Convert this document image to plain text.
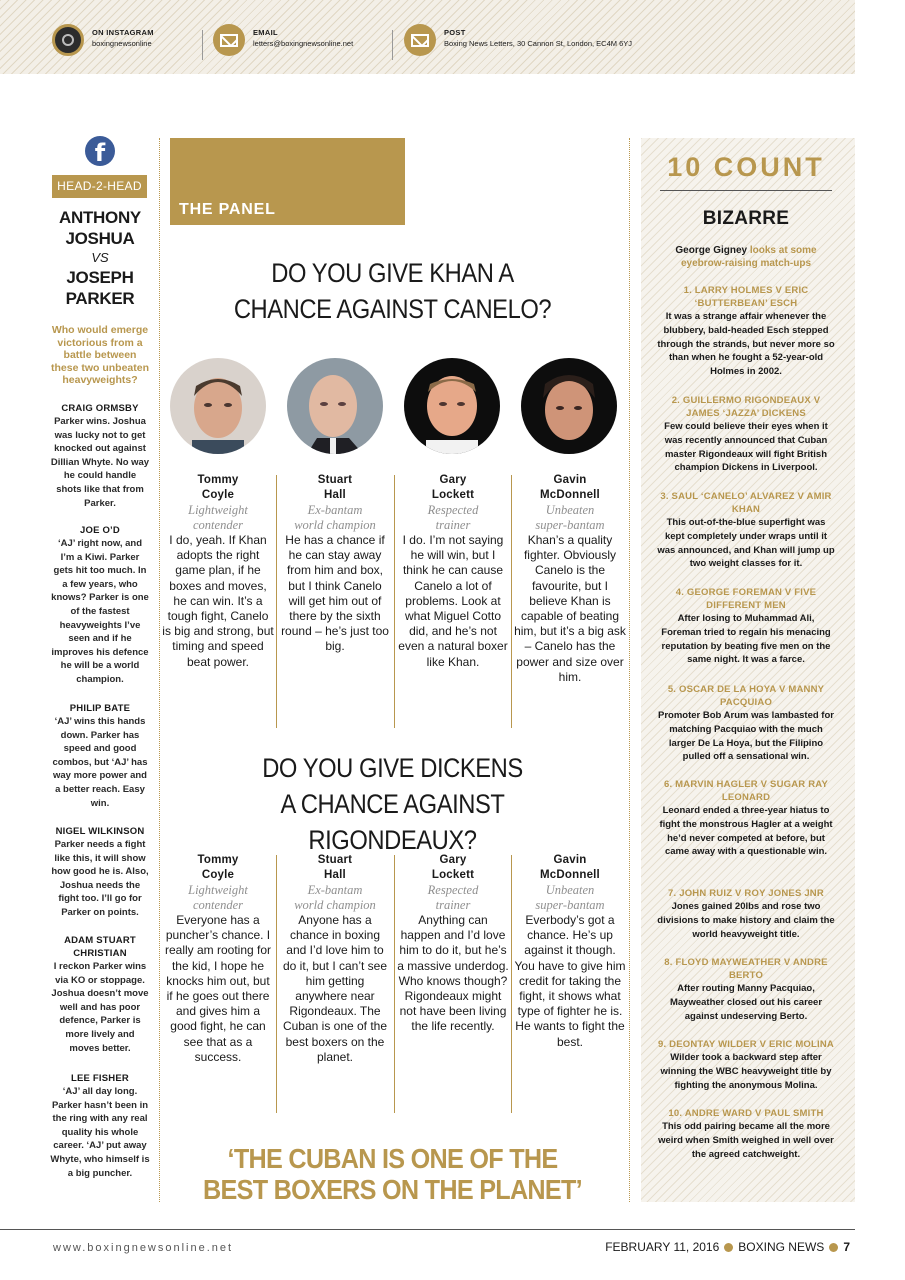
ON INSTAGRAM
boxingnewsonline
EMAIL
letters@boxingnewsonline.net
POST
Boxing News Letters, 30 Cannon St, London, EC4M 6YJ
f
HEAD-2-HEAD
ANTHONY
JOSHUA
VS
JOSEPH
PARKER
Who would emerge victorious from a battle between these two unbeaten heavyweights?
CRAIG ORMSBY
Parker wins. Joshua was lucky not to get knocked out against Dillian Whyte. No way he could handle shots like that from Parker.
JOE O’D
‘AJ’ right now, and I’m a Kiwi. Parker gets hit too much. In a few years, who knows? Parker is one of the fastest heavyweights I’ve seen and if he improves his defence he will be a world champion.
PHILIP BATE
‘AJ’ wins this hands down. Parker has speed and good combos, but ‘AJ’ has way more power and a better reach. Easy win.
NIGEL WILKINSON
Parker needs a fight like this, it will show how good he is. Also, Joshua needs the fight too. I’ll go for Parker on points.
ADAM STUART CHRISTIAN
I reckon Parker wins via KO or stoppage. Joshua doesn’t move well and has poor defence, Parker is more lively and moves better.
LEE FISHER
‘AJ’ all day long. Parker hasn’t been in the ring with any real quality his whole career. ‘AJ’ put away Whyte, who himself is a big puncher.
THE PANEL
DO YOU GIVE KHAN A
CHANCE AGAINST CANELO?
Tommy
Coyle
Lightweight
contender
I do, yeah. If Khan adopts the right game plan, if he boxes and moves, he can win. It’s a tough fight, Canelo is big and strong, but timing and speed beat power.
Stuart
Hall
Ex-bantam
world champion
He has a chance if he can stay away from him and box, but I think Canelo will get him out of there by the sixth round – he’s just too big.
Gary
Lockett
Respected
trainer
I do. I’m not saying he will win, but I think he can cause Canelo a lot of problems. Look at what Miguel Cotto did, and he’s not even a natural boxer like Khan.
Gavin
McDonnell
Unbeaten
super-bantam
Khan’s a quality fighter. Obviously Canelo is the favourite, but I believe Khan is capable of beating him, but it’s a big ask – Canelo has the power and size over him.
DO YOU GIVE DICKENS
A CHANCE AGAINST RIGONDEAUX?
Tommy
Coyle
Lightweight
contender
Everyone has a puncher’s chance. I really am rooting for the kid, I hope he knocks him out, but if he goes out there and gives him a good fight, he can see that as a success.
Stuart
Hall
Ex-bantam
world champion
Anyone has a chance in boxing and I’d love him to do it, but I can’t see him getting anywhere near Rigondeaux. The Cuban is one of the best boxers on the planet.
Gary
Lockett
Respected
trainer
Anything can happen and I’d love him to do it, but he’s a massive underdog. Who knows though? Rigondeaux might not have been living the life recently.
Gavin
McDonnell
Unbeaten
super-bantam
Everbody’s got a chance. He’s up against it though. You have to give him credit for taking the fight, it shows what type of fighter he is. He wants to fight the best.
‘THE CUBAN IS ONE OF THE
BEST BOXERS ON THE PLANET’
10 COUNT
BIZARRE
George Gigney looks at some eyebrow-raising match-ups
1. LARRY HOLMES V ERIC ‘BUTTERBEAN’ ESCH
It was a strange affair whenever the blubbery, bald-headed Esch stepped through the strands, but never more so than when he fought a 52-year-old Holmes in 2002.
2. GUILLERMO RIGONDEAUX V JAMES ‘JAZZA’ DICKENS
Few could believe their eyes when it was recently announced that Cuban master Rigondeaux will fight British champion Dickens in Liverpool.
3. SAUL ‘CANELO’ ALVAREZ V AMIR KHAN
This out-of-the-blue superfight was kept completely under wraps until it was announced, and Khan will jump up two weight classes for it.
4. GEORGE FOREMAN V FIVE DIFFERENT MEN
After losing to Muhammad Ali, Foreman tried to regain his menacing reputation by beating five men on the same night. It was a farce.
5. OSCAR DE LA HOYA V MANNY PACQUIAO
Promoter Bob Arum was lambasted for matching Pacquiao with the much larger De La Hoya, but the Filipino pulled off a sensational win.
6. MARVIN HAGLER V SUGAR RAY LEONARD
Leonard ended a three-year hiatus to fight the monstrous Hagler at a weight he’d never competed at before, but came away with a questionable win.
7. JOHN RUIZ V ROY JONES JNR
Jones gained 20lbs and rose two divisions to make history and claim the world heavyweight title.
8. FLOYD MAYWEATHER V ANDRE BERTO
After routing Manny Pacquiao, Mayweather closed out his career against undeserving Berto.
9. DEONTAY WILDER V ERIC MOLINA
Wilder took a backward step after winning the WBC heavyweight title by fighting the anonymous Molina.
10. ANDRE WARD V PAUL SMITH
This odd pairing became all the more weird when Smith weighed in well over the agreed catchweight.
www.boxingnewsonline.net	FEBRUARY 11, 2016 BOXING NEWS 7
